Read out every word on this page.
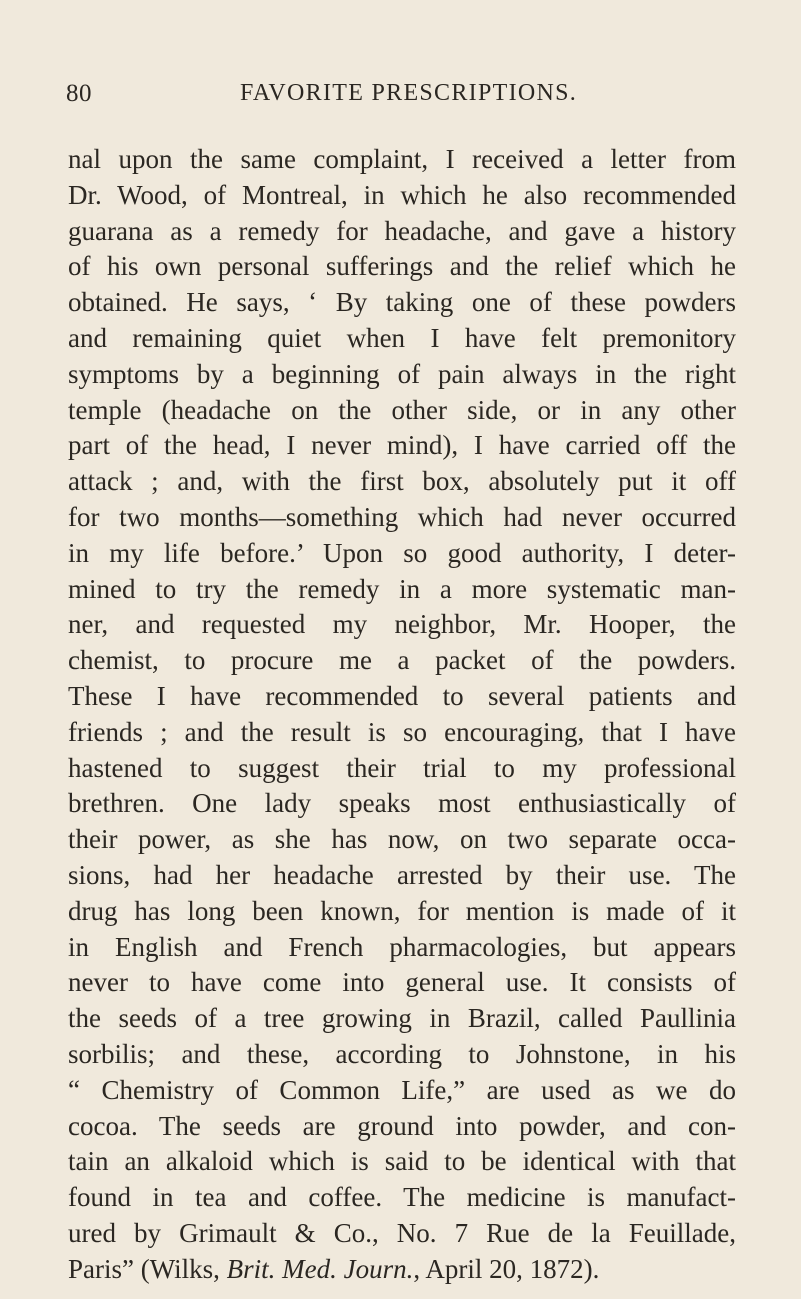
80	FAVORITE PRESCRIPTIONS.
nal upon the same complaint, I received a letter from
Dr. Wood, of Montreal, in which he also recommended
guarana as a remedy for headache, and gave a history
of his own personal sufferings and the relief which he
obtained. He says, ‘ By taking one of these powders
and remaining quiet when I have felt premonitory
symptoms by a beginning of pain always in the right
temple (headache on the other side, or in any other
part of the head, I never mind), I have carried off the
attack ; and, with the first box, absolutely put it off
for two months—something which had never occurred
in my life before.’ Upon so good authority, I deter-
mined to try the remedy in a more systematic man-
ner, and requested my neighbor, Mr. Hooper, the
chemist, to procure me a packet of the powders.
These I have recommended to several patients and
friends ; and the result is so encouraging, that I have
hastened to suggest their trial to my professional
brethren. One lady speaks most enthusiastically of
their power, as she has now, on two separate occa-
sions, had her headache arrested by their use. The
drug has long been known, for mention is made of it
in English and French pharmacologies, but appears
never to have come into general use. It consists of
the seeds of a tree growing in Brazil, called Paullinia
sorbilis; and these, according to Johnstone, in his
“ Chemistry of Common Life,” are used as we do
cocoa. The seeds are ground into powder, and con-
tain an alkaloid which is said to be identical with that
found in tea and coffee. The medicine is manufact-
ured by Grimault & Co., No. 7 Rue de la Feuillade,
Paris” (Wilks, Brit. Med. Journ., April 20, 1872).
